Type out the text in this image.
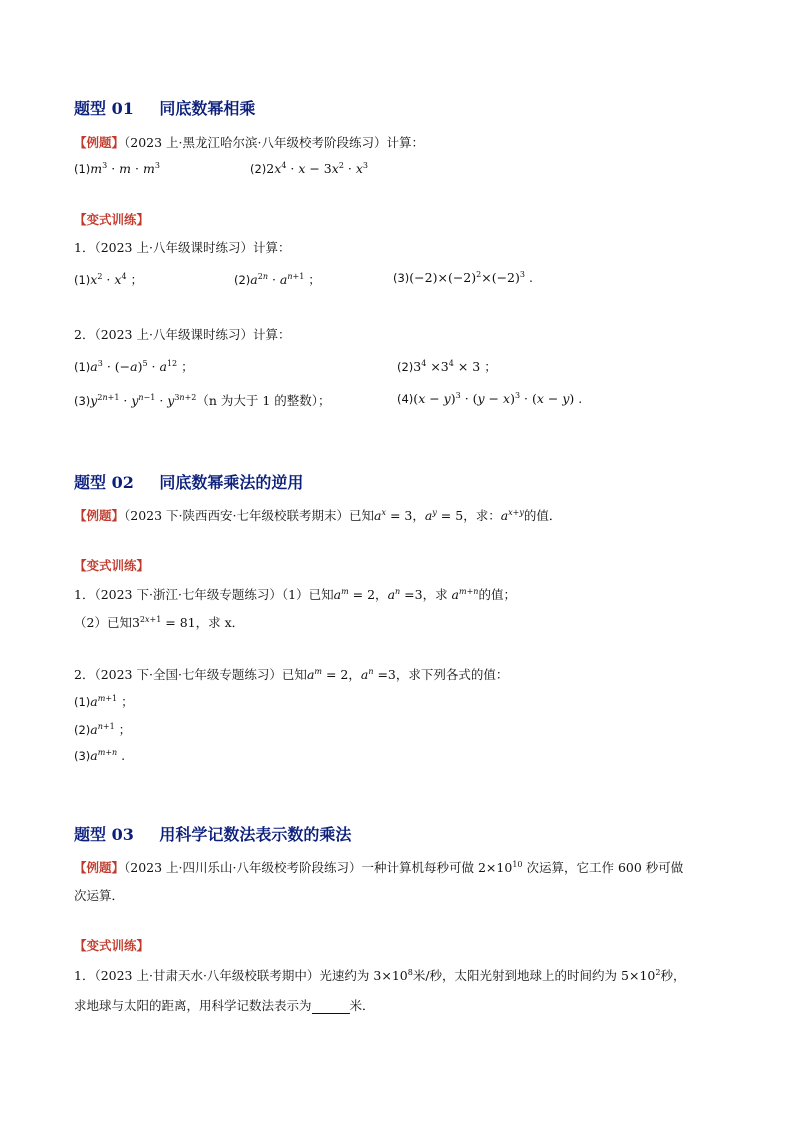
题型 01 同底数幂相乘
【例题】（2023 上·黑龙江哈尔滨·八年级校考阶段练习）计算：
$(1)m^3 \cdot m \cdot m^3$	$(2)2x^4 \cdot x - 3x^2 \cdot x^3$
【变式训练】
1．（2023 上·八年级课时练习）计算：
$(1)x^2 \cdot x^4$ ；	$(2)a^{2n} \cdot a^{n+1}$ ；	$(3)(-2)\times(-2)^2\times(-2)^3$ .
2．（2023 上·八年级课时练习）计算：
$(1)a^3 \cdot (-a)^5 \cdot a^{12}$ ；	$(2)3^4 \times 3^4 \times 3$ ；
$(3)y^{2n+1} \cdot y^{n-1} \cdot y^{3n+2}(n$ 为大于 1 的整数）；	$(4)(x - y)^3 \cdot (y - x)^3 \cdot (x - y)$ .
题型 02 同底数幂乘法的逆用
【例题】（2023 下·陕西西安·七年级校联考期末）已知$a^x = 3$，$a^y = 5$，求：$a^{x+y}$的值．
【变式训练】
1．（2023 下·浙江·七年级专题练习）（1）已知$a^m = 2$，$a^n =3$，求 $a^{m+n}$的值；
（2）已知$3^{2x+1} = 81$，求 x．
2．（2023 下·全国·七年级专题练习）已知$a^m = 2$，$a^n =3$，求下列各式的值：
$(1)a^{m+1}$ ；
$(2)a^{n+1}$ ；
$(3)a^{m+n}$ .
题型 03 用科学记数法表示数的乘法
【例题】（2023 上·四川乐山·八年级校考阶段练习）一种计算机每秒可做 $2\times 10^{10}$ 次运算，它工作 600 秒可做
次运算．
【变式训练】
1．（2023 上·甘肃天水·八年级校联考期中）光速约为 $3\times 10^8$米/秒，太阳光射到地球上的时间约为 $5\times 10^2$秒，
求地球与太阳的距离，用科学记数法表示为	米．
